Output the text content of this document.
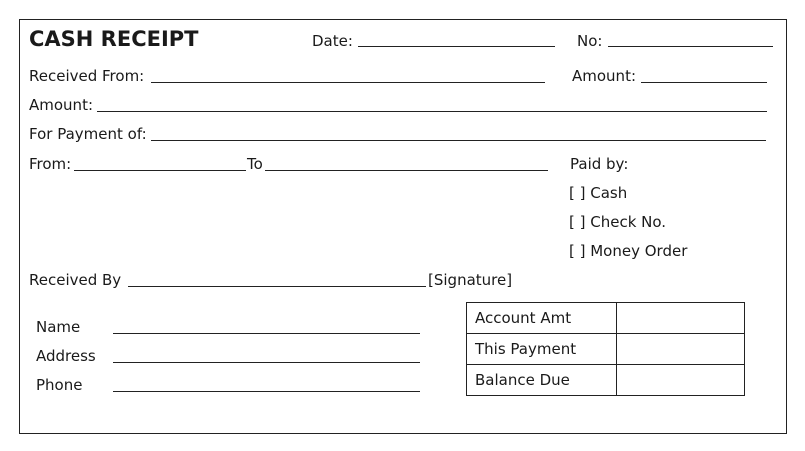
CASH RECEIPT	Date:	No:
Received From:	Amount:
Amount:
For Payment of:
From:	To	Paid by:
[ ] Cash
[ ] Check No.
[ ] Money Order
Received By	[Signature]
Name
Address
Phone
Account Amt	
This Payment	
Balance Due	
